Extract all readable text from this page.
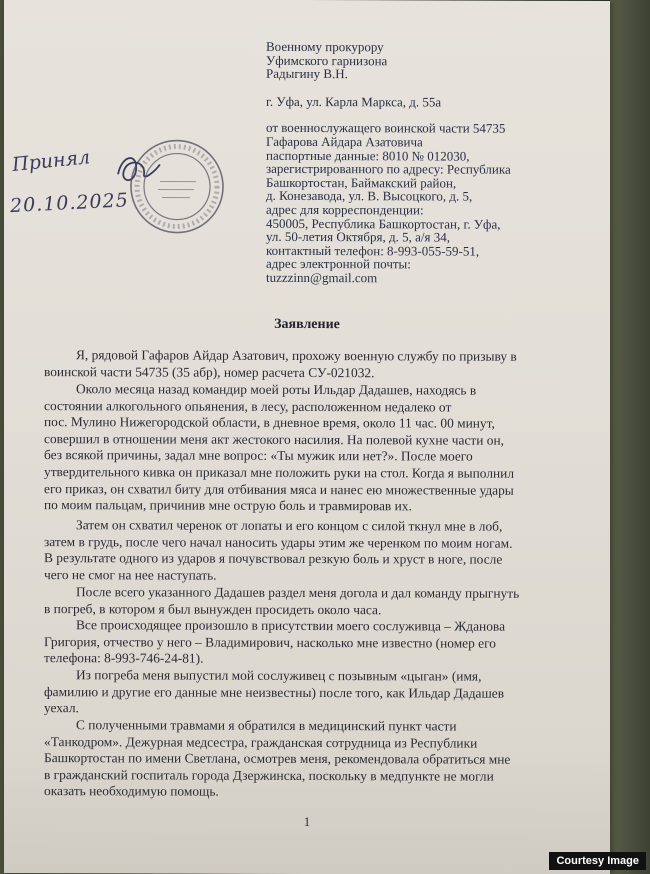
Военному прокурору
Уфимского гарнизона
Радыгину В.Н.
г. Уфа, ул. Карла Маркса, д. 55а
от военнослужащего воинской части 54735
Гафарова Айдара Азатовича
паспортные данные: 8010 № 012030,
зарегистрированного по адресу: Республика
Башкортостан, Баймакский район,
д. Конезавода, ул. В. Высоцкого, д. 5,
адрес для корреспонденции:
450005, Республика Башкортостан, г. Уфа,
ул. 50-летия Октября, д. 5, а/я 34,
контактный телефон: 8-993-055-59-51,
адрес электронной почты:
tuzzzinn@gmail.com
Принял
20.10.2025
Заявление
Я, рядовой Гафаров Айдар Азатович, прохожу военную службу по призыву в
воинской части 54735 (35 абр), номер расчета СУ-021032.
Около месяца назад командир моей роты Ильдар Дадашев, находясь в
состоянии алкогольного опьянения, в лесу, расположенном недалеко от
пос. Мулино Нижегородской области, в дневное время, около 11 час. 00 минут,
совершил в отношении меня акт жестокого насилия. На полевой кухне части он,
без всякой причины, задал мне вопрос: «Ты мужик или нет?». После моего
утвердительного кивка он приказал мне положить руки на стол. Когда я выполнил
его приказ, он схватил биту для отбивания мяса и нанес ею множественные удары
по моим пальцам, причинив мне острую боль и травмировав их.
Затем он схватил черенок от лопаты и его концом с силой ткнул мне в лоб,
затем в грудь, после чего начал наносить удары этим же черенком по моим ногам.
В результате одного из ударов я почувствовал резкую боль и хруст в ноге, после
чего не смог на нее наступать.
После всего указанного Дадашев раздел меня догола и дал команду прыгнуть
в погреб, в котором я был вынужден просидеть около часа.
Все происходящее произошло в присутствии моего сослуживца – Жданова
Григория, отчество у него – Владимирович, насколько мне известно (номер его
телефона: 8-993-746-24-81).
Из погреба меня выпустил мой сослуживец с позывным «цыган» (имя,
фамилию и другие его данные мне неизвестны) после того, как Ильдар Дадашев
уехал.
С полученными травмами я обратился в медицинский пункт части
«Танкодром». Дежурная медсестра, гражданская сотрудница из Республики
Башкортостан по имени Светлана, осмотрев меня, рекомендовала обратиться мне
в гражданский госпиталь города Дзержинска, поскольку в медпункте не могли
оказать необходимую помощь.
1
Courtesy Image
